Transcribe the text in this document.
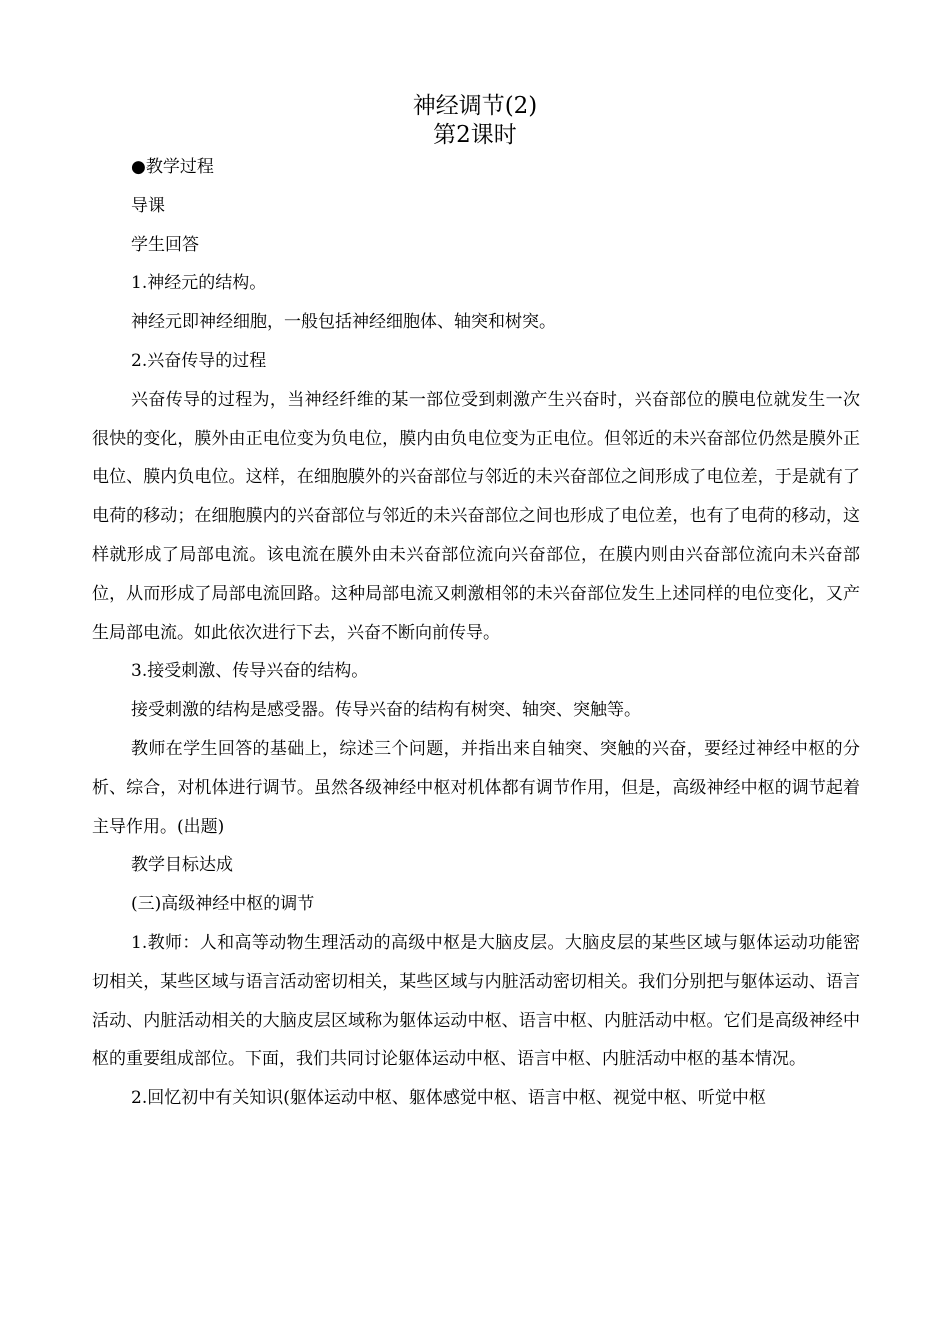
神经调节(2)
第2课时

●教学过程

导课

学生回答

1.神经元的结构。

神经元即神经细胞，一般包括神经细胞体、轴突和树突。

2.兴奋传导的过程

兴奋传导的过程为，当神经纤维的某一部位受到刺激产生兴奋时，兴奋部位的膜电位就发生一次很快的变化，膜外由正电位变为负电位，膜内由负电位变为正电位。但邻近的未兴奋部位仍然是膜外正电位、膜内负电位。这样，在细胞膜外的兴奋部位与邻近的未兴奋部位之间形成了电位差，于是就有了电荷的移动；在细胞膜内的兴奋部位与邻近的未兴奋部位之间也形成了电位差，也有了电荷的移动，这样就形成了局部电流。该电流在膜外由未兴奋部位流向兴奋部位，在膜内则由兴奋部位流向未兴奋部位，从而形成了局部电流回路。这种局部电流又刺激相邻的未兴奋部位发生上述同样的电位变化，又产生局部电流。如此依次进行下去，兴奋不断向前传导。

3.接受刺激、传导兴奋的结构。

接受刺激的结构是感受器。传导兴奋的结构有树突、轴突、突触等。

教师在学生回答的基础上，综述三个问题，并指出来自轴突、突触的兴奋，要经过神经中枢的分析、综合，对机体进行调节。虽然各级神经中枢对机体都有调节作用，但是，高级神经中枢的调节起着主导作用。(出题)

教学目标达成

(三)高级神经中枢的调节

1.教师：人和高等动物生理活动的高级中枢是大脑皮层。大脑皮层的某些区域与躯体运动功能密切相关，某些区域与语言活动密切相关，某些区域与内脏活动密切相关。我们分别把与躯体运动、语言活动、内脏活动相关的大脑皮层区域称为躯体运动中枢、语言中枢、内脏活动中枢。它们是高级神经中枢的重要组成部位。下面，我们共同讨论躯体运动中枢、语言中枢、内脏活动中枢的基本情况。

2.回忆初中有关知识(躯体运动中枢、躯体感觉中枢、语言中枢、视觉中枢、听觉中枢
